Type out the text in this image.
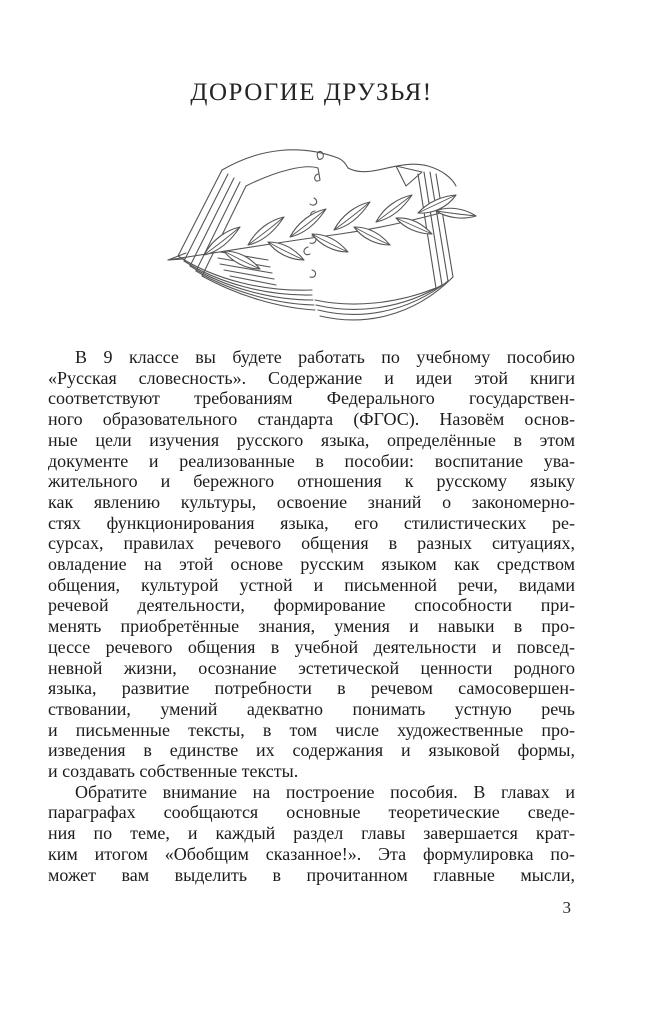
ДОРОГИЕ ДРУЗЬЯ!
В 9 классе вы будете работать по учебному пособию
«Русская словесность». Содержание и идеи этой книги
соответствуют требованиям Федерального государствен-
ного образовательного стандарта (ФГОС). Назовём основ-
ные цели изучения русского языка, определённые в этом
документе и реализованные в пособии: воспитание ува-
жительного и бережного отношения к русскому языку
как явлению культуры, освоение знаний о закономерно-
стях функционирования языка, его стилистических ре-
сурсах, правилах речевого общения в разных ситуациях,
овладение на этой основе русским языком как средством
общения, культурой устной и письменной речи, видами
речевой деятельности, формирование способности при-
менять приобретённые знания, умения и навыки в про-
цессе речевого общения в учебной деятельности и повсед-
невной жизни, осознание эстетической ценности родного
языка, развитие потребности в речевом самосовершен-
ствовании, умений адекватно понимать устную речь
и письменные тексты, в том числе художественные про-
изведения в единстве их содержания и языковой формы,
и создавать собственные тексты.
Обратите внимание на построение пособия. В главах и
параграфах сообщаются основные теоретические сведе-
ния по теме, и каждый раздел главы завершается крат-
ким итогом «Обобщим сказанное!». Эта формулировка по-
может вам выделить в прочитанном главные мысли,
3
